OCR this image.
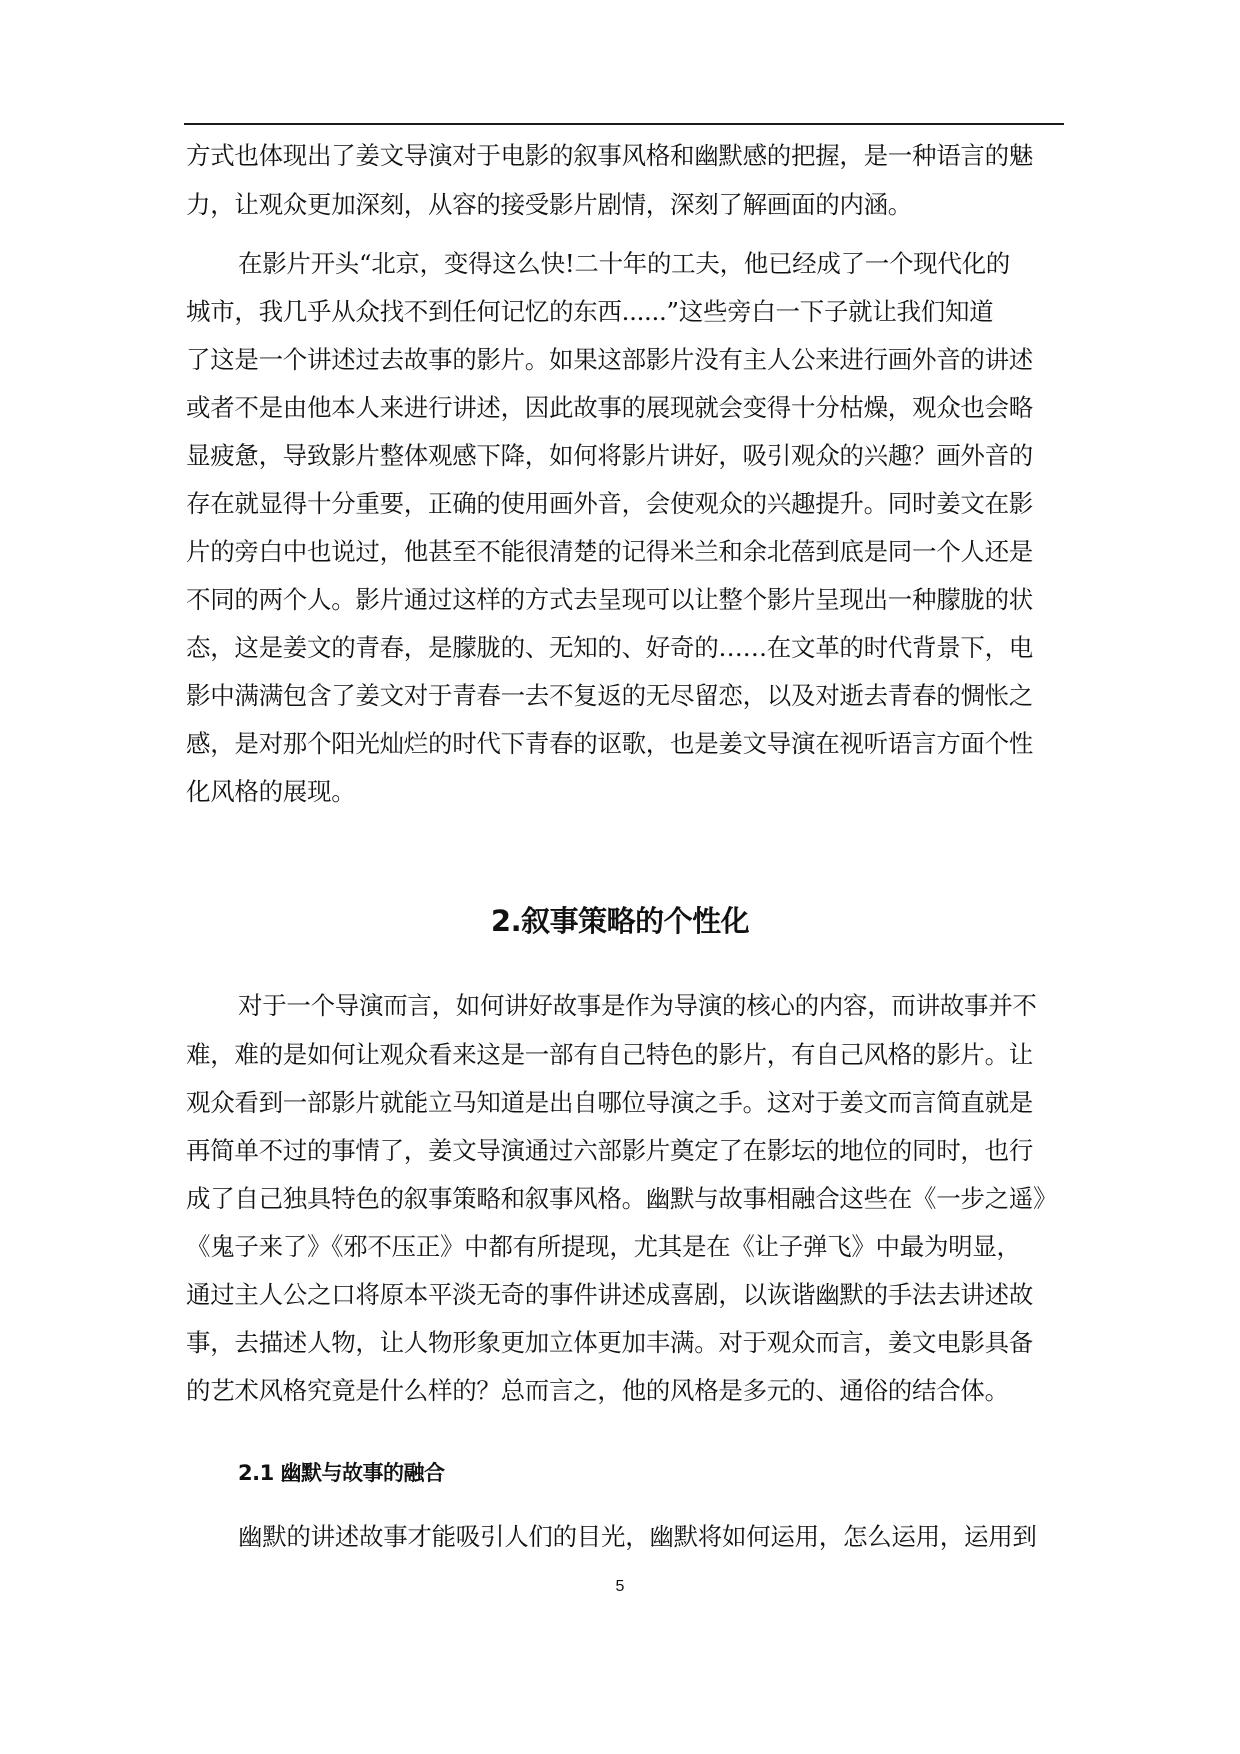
方式也体现出了姜文导演对于电影的叙事风格和幽默感的把握，是一种语言的魅
力，让观众更加深刻，从容的接受影片剧情，深刻了解画面的内涵。
在影片开头“北京，变得这么快!二十年的工夫，他已经成了一个现代化的
城市，我几乎从众找不到任何记忆的东西......”这些旁白一下子就让我们知道
了这是一个讲述过去故事的影片。如果这部影片没有主人公来进行画外音的讲述
或者不是由他本人来进行讲述，因此故事的展现就会变得十分枯燥，观众也会略
显疲惫，导致影片整体观感下降，如何将影片讲好，吸引观众的兴趣？画外音的
存在就显得十分重要，正确的使用画外音，会使观众的兴趣提升。同时姜文在影
片的旁白中也说过，他甚至不能很清楚的记得米兰和余北蓓到底是同一个人还是
不同的两个人。影片通过这样的方式去呈现可以让整个影片呈现出一种朦胧的状
态，这是姜文的青春，是朦胧的、无知的、好奇的……在文革的时代背景下，电
影中满满包含了姜文对于青春一去不复返的无尽留恋，以及对逝去青春的惆怅之
感，是对那个阳光灿烂的时代下青春的讴歌，也是姜文导演在视听语言方面个性
化风格的展现。
2.叙事策略的个性化
对于一个导演而言，如何讲好故事是作为导演的核心的内容，而讲故事并不
难，难的是如何让观众看来这是一部有自己特色的影片，有自己风格的影片。让
观众看到一部影片就能立马知道是出自哪位导演之手。这对于姜文而言简直就是
再简单不过的事情了，姜文导演通过六部影片奠定了在影坛的地位的同时，也行
成了自己独具特色的叙事策略和叙事风格。幽默与故事相融合这些在《一步之遥》
《鬼子来了》《邪不压正》中都有所提现，尤其是在《让子弹飞》中最为明显，
通过主人公之口将原本平淡无奇的事件讲述成喜剧，以诙谐幽默的手法去讲述故
事，去描述人物，让人物形象更加立体更加丰满。对于观众而言，姜文电影具备
的艺术风格究竟是什么样的？总而言之，他的风格是多元的、通俗的结合体。
2.1 幽默与故事的融合
幽默的讲述故事才能吸引人们的目光，幽默将如何运用，怎么运用，运用到
5
